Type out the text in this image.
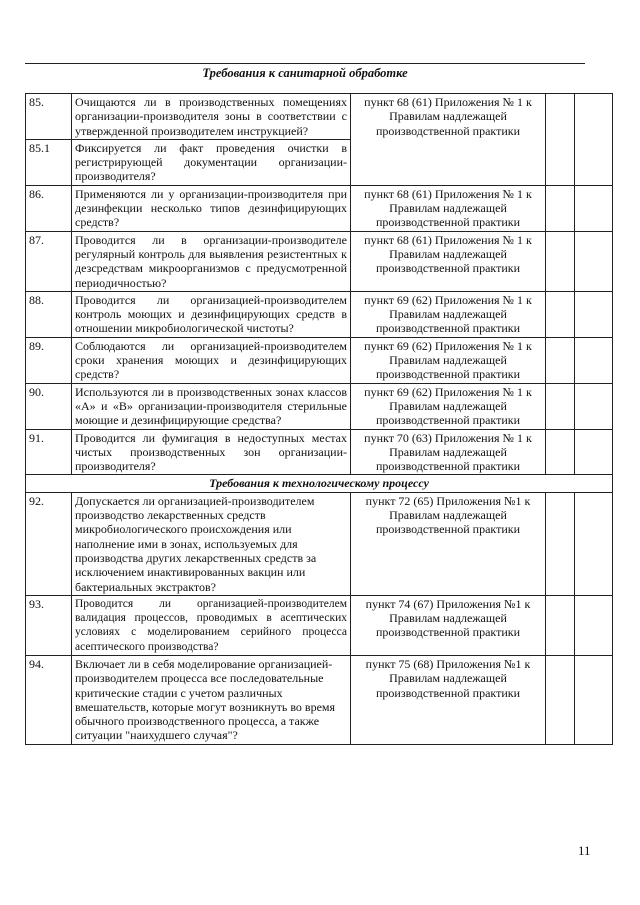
Требования к санитарной обработке
85.	Очищаются ли в производственных помещениях организации-производителя зоны в соответствии с утвержденной производителем инструкцией?	пункт 68 (61) Приложения № 1 к Правилам надлежащей производственной практики		
85.1	Фиксируется ли факт проведения очистки в регистрирующей документации организации-производителя?			
86.	Применяются ли у организации-производителя при дезинфекции несколько типов дезинфицирующих средств?	пункт 68 (61) Приложения № 1 к Правилам надлежащей производственной практики		
87.	Проводится ли в организации-производителе регулярный контроль для выявления резистентных к дезсредствам микроорганизмов с предусмотренной периодичностью?	пункт 68 (61) Приложения № 1 к Правилам надлежащей производственной практики		
88.	Проводится ли организацией-производителем контроль моющих и дезинфицирующих средств в отношении микробиологической чистоты?	пункт 69 (62) Приложения № 1 к Правилам надлежащей производственной практики		
89.	Соблюдаются ли организацией-производителем сроки хранения моющих и дезинфицирующих средств?	пункт 69 (62) Приложения № 1 к Правилам надлежащей производственной практики		
90.	Используются ли в производственных зонах классов «А» и «В» организации-производителя стерильные моющие и дезинфицирующие средства?	пункт 69 (62) Приложения № 1 к Правилам надлежащей производственной практики		
91.	Проводится ли фумигация в недоступных местах чистых производственных зон организации-производителя?	пункт 70 (63) Приложения № 1 к Правилам надлежащей производственной практики		
Требования к технологическому процессу				
92.	Допускается ли организацией-производителем производство лекарственных средств микробиологического происхождения или наполнение ими в зонах, используемых для производства других лекарственных средств за исключением инактивированных вакцин или бактериальных экстрактов?	пункт 72 (65) Приложения №1 к Правилам надлежащей производственной практики		
93.	Проводится ли организацией-производителем валидация процессов, проводимых в асептических условиях с моделированием серийного процесса асептического производства?	пункт 74 (67) Приложения №1 к Правилам надлежащей производственной практики		
94.	Включает ли в себя моделирование организацией-производителем процесса все последовательные критические стадии с учетом различных вмешательств, которые могут возникнуть во время обычного производственного процесса, а также ситуации "наихудшего случая"?	пункт 75 (68) Приложения №1 к Правилам надлежащей производственной практики		
11
